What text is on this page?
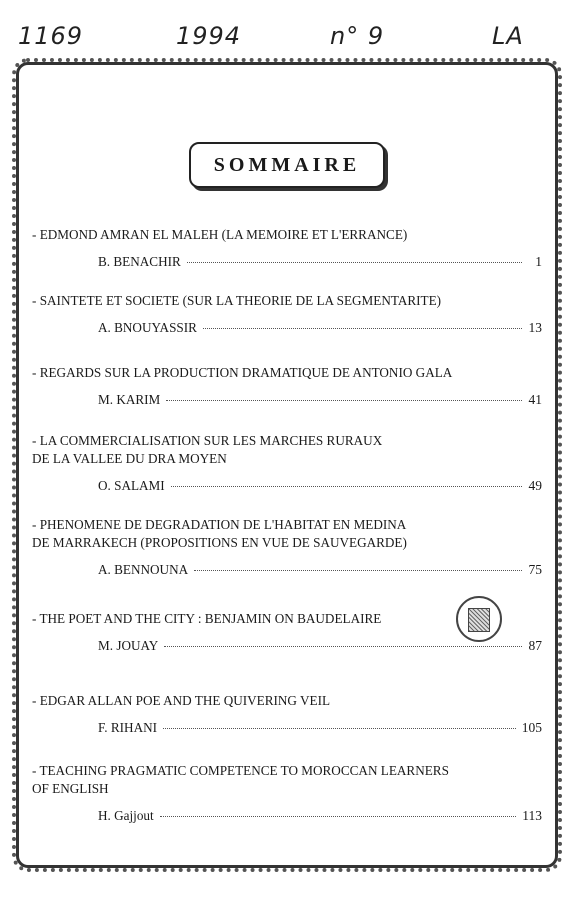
1169	1994	n° 9	LA
SOMMAIRE
- EDMOND AMRAN EL MALEH (LA MEMOIRE ET L'ERRANCE)
B. BENACHIR	1
- SAINTETE ET SOCIETE (SUR LA THEORIE DE LA SEGMENTARITE)
A. BNOUYASSIR	13
- REGARDS SUR LA PRODUCTION DRAMATIQUE DE ANTONIO GALA
M. KARIM	41
- LA COMMERCIALISATION SUR LES MARCHES RURAUX
DE LA VALLEE DU DRA MOYEN
O. SALAMI	49
- PHENOMENE DE DEGRADATION DE L'HABITAT EN MEDINA
DE MARRAKECH (PROPOSITIONS EN VUE DE SAUVEGARDE)
A. BENNOUNA	75
- THE POET AND THE CITY : BENJAMIN ON BAUDELAIRE
M. JOUAY	87
- EDGAR ALLAN POE AND THE QUIVERING VEIL
F. RIHANI	105
- TEACHING PRAGMATIC COMPETENCE TO MOROCCAN LEARNERS
OF ENGLISH
H. Gajjout	113
